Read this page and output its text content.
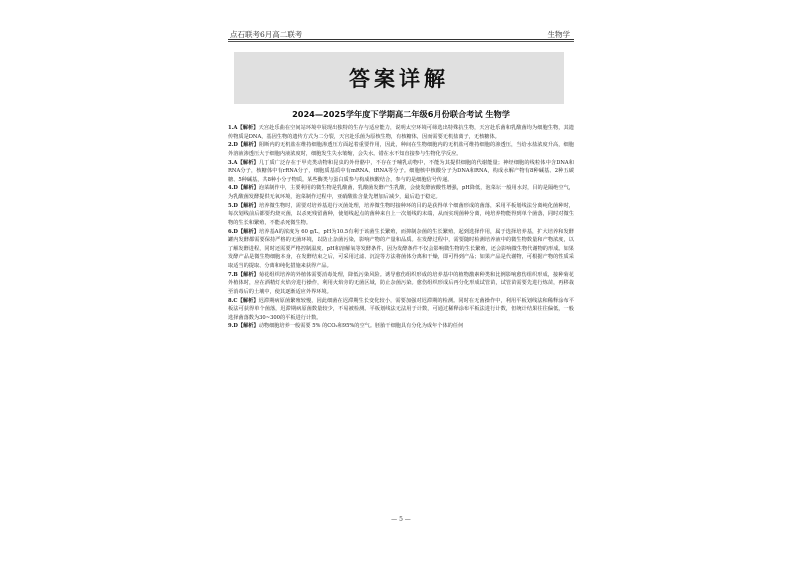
点石联考6月高二联考	生物学
答案详解
2024—2025学年度下学期高二年级6月份联合考试 生物学

1.A【解析】天宫赴乐曲在空间站环境中展现出独特的生存与适应能力，说明太空环境可筛选出特殊抗生物，天宫赴乐菌和乳酸菌均为细胞生物，其遗传物质是DNA，基因生物的遗传方式为二分裂，天宫赴乐菌为原核生物，有核糖体，因而需要无机盐离子，无核糖体。

2.D【解析】阻断内的无机盐在维持细胞渗透压方面起着重要作用，因此，种间在生物细胞内的无机盐可维持细胞的渗透压，当给水盐浓度升高，细胞外溶液渗透压大于细胞内液浓度时，细胞发生失水皱缩，会失水。错在水不知直接参与生物化学反应。

3.A【解析】几丁质广泛存在于甲壳类动物和昆虫的外骨骼中，不存在于哺乳动物中，不能为其提供细胞的代谢能量；神经细胞的线粒体中含DNA和RNA分子，核糖体中有rRNA分子，细胞质基质中有mRNA、tRNA等分子。细胞核中核酸分子为DNA和RNA，构成水解产物有8种碱基、2种五碳糖、5种碱基，共8种小分子物质。某些酶类与蛋白质参与构成核酸结合，参与的是细胞信号传递。

4.D【解析】泡菜制作中，主要利用的微生物是乳酸菌，乳酸菌发酵产生乳酸，会使发酵液酸性增强，pH降低，泡菜坛一般用水封，目的是隔绝空气，为乳酸菌发酵提供无氧环境，泡菜制作过程中，亚硝酸盐含量先增加后减少，最后趋于稳定。

5.D【解析】培养微生物时，需要对培养基进行灭菌处理，培养微生物时接种环的目的是获得单个细菌形成的菌落，采用平板划线法分离纯化菌种时，每次划线前后都要灼烧灭菌，以杀死残留菌种，使划线起点的菌种来自上一次划线的末端，从而实现菌种分离，纯培养物能得到单个菌落，同时对微生物的生长和繁殖，不能杀死微生物。

6.D【解析】培养基A的浓度为 60 g/L，pH为10.5有利于该菌生长繁殖，而抑制杂菌的生长繁殖，起到选择作用，属于选择培养基，扩大培养和发酵罐内发酵都需要保持严格的无菌环境，以防止杂菌污染，影响产物的产量和品质。在发酵过程中，需要随时检测培养液中的微生物数量和产物浓度，以了解发酵进程，同时还需要严格控制温度、pH和溶解氧等发酵条件，因为发酵条件不仅会影响微生物的生长繁殖，还会影响微生物代谢物的形成。如果发酵产品是微生物细胞本身，在发酵结束之后，可采用过滤、沉淀等方法将菌体分离和干燥，即可得到产品；如果产品是代谢物，可根据产物的性质采取适当的提取、分离和纯化措施来获得产品。

7.B【解析】菊花组织培养的外植体需要消毒处理，降低污染风险。诱导愈伤组织形成的培养基中的植物激素种类和比例影响愈伤组织形成，接种菊花外植体时，应在酒精灯火焰旁进行操作，利用火焰旁的无菌区域，防止杂菌污染。愈伤组织形成后再分化形成试管苗，试管苗需要先进行炼苗，再移栽至消毒后的土壤中，使其逐渐适应外界环境。

8.C【解析】迟滞期病原菌繁殖较慢，因此细菌在迟滞期生长变化较小，需要加强对迟滞期的检测。同时在无菌操作中，利用平板划线法和稀释涂布平板法可获得单个菌落，迟滞期病原菌数量较少，不易被检测。平板划线法无法用于计数，可通过稀释涂布平板法进行计数，但统计结果往往偏低，一般选择菌落数为30~300的平板进行计数。

9.D【解析】动物细胞培养一般需要 5% 的CO₂和95%的空气。胚胎干细胞具有分化为成年个体的任何

— 5 —
